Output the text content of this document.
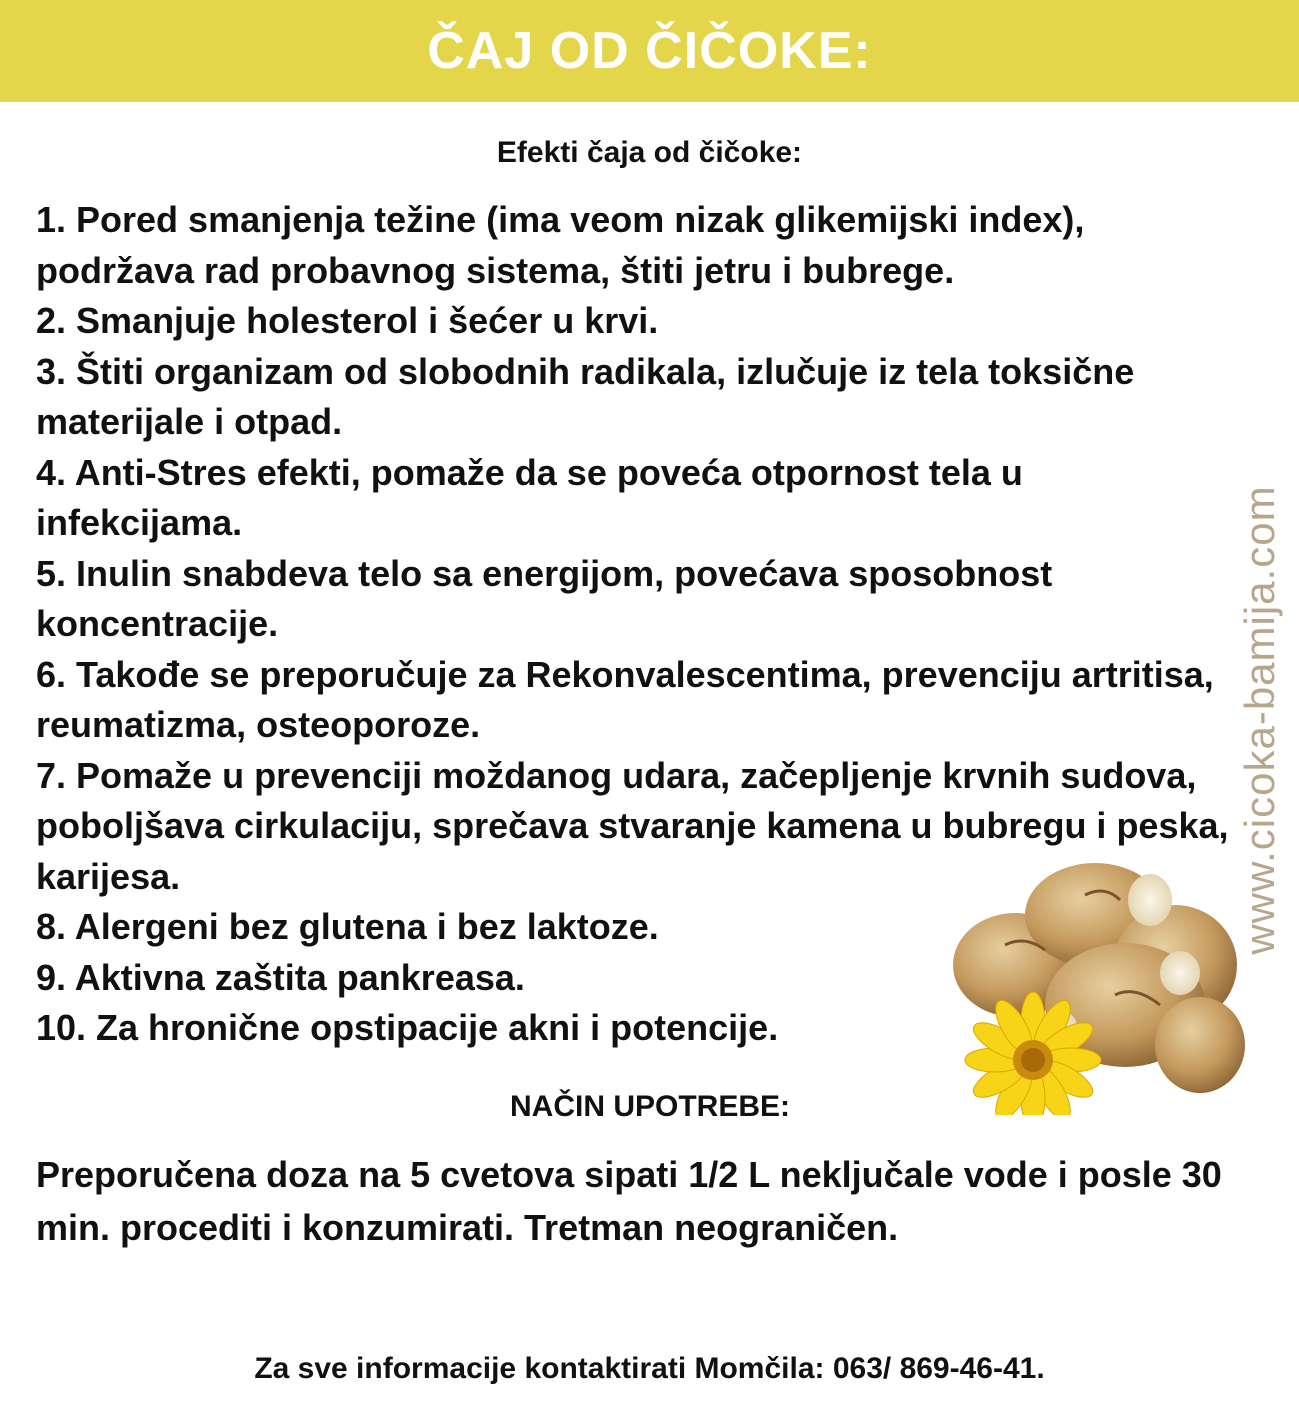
ČAJ OD ČIČOKE:
Efekti čaja od čičoke:
1. Pored smanjenja težine (ima veom nizak glikemijski index), podržava rad probavnog sistema, štiti jetru i bubrege.
2. Smanjuje holesterol i šećer u krvi.
3. Štiti organizam od slobodnih radikala, izlučuje iz tela toksične materijale i otpad.
4. Anti-Stres efekti, pomaže da se poveća otpornost tela u infekcijama.
5. Inulin snabdeva telo sa energijom, povećava sposobnost koncentracije.
6. Takođe se preporučuje za Rekonvalescentima, prevenciju artritisa, reumatizma, osteoporoze.
7. Pomaže u prevenciji moždanog udara, začepljenje krvnih sudova, poboljšava cirkulaciju, sprečava stvaranje kamena u bubregu i peska, karijesa.
8. Alergeni bez glutena i bez laktoze.
9. Aktivna zaštita pankreasa.
10. Za hronične opstipacije akni i potencije.
NAČIN UPOTREBE:

Preporučena doza na 5 cvetova sipati 1/2 L neključale vode i posle 30 min. procediti i konzumirati. Tretman neograničen.

Za sve informacije kontaktirati Momčila: 063/ 869-46-41.
www.cicoka-bamija.com
